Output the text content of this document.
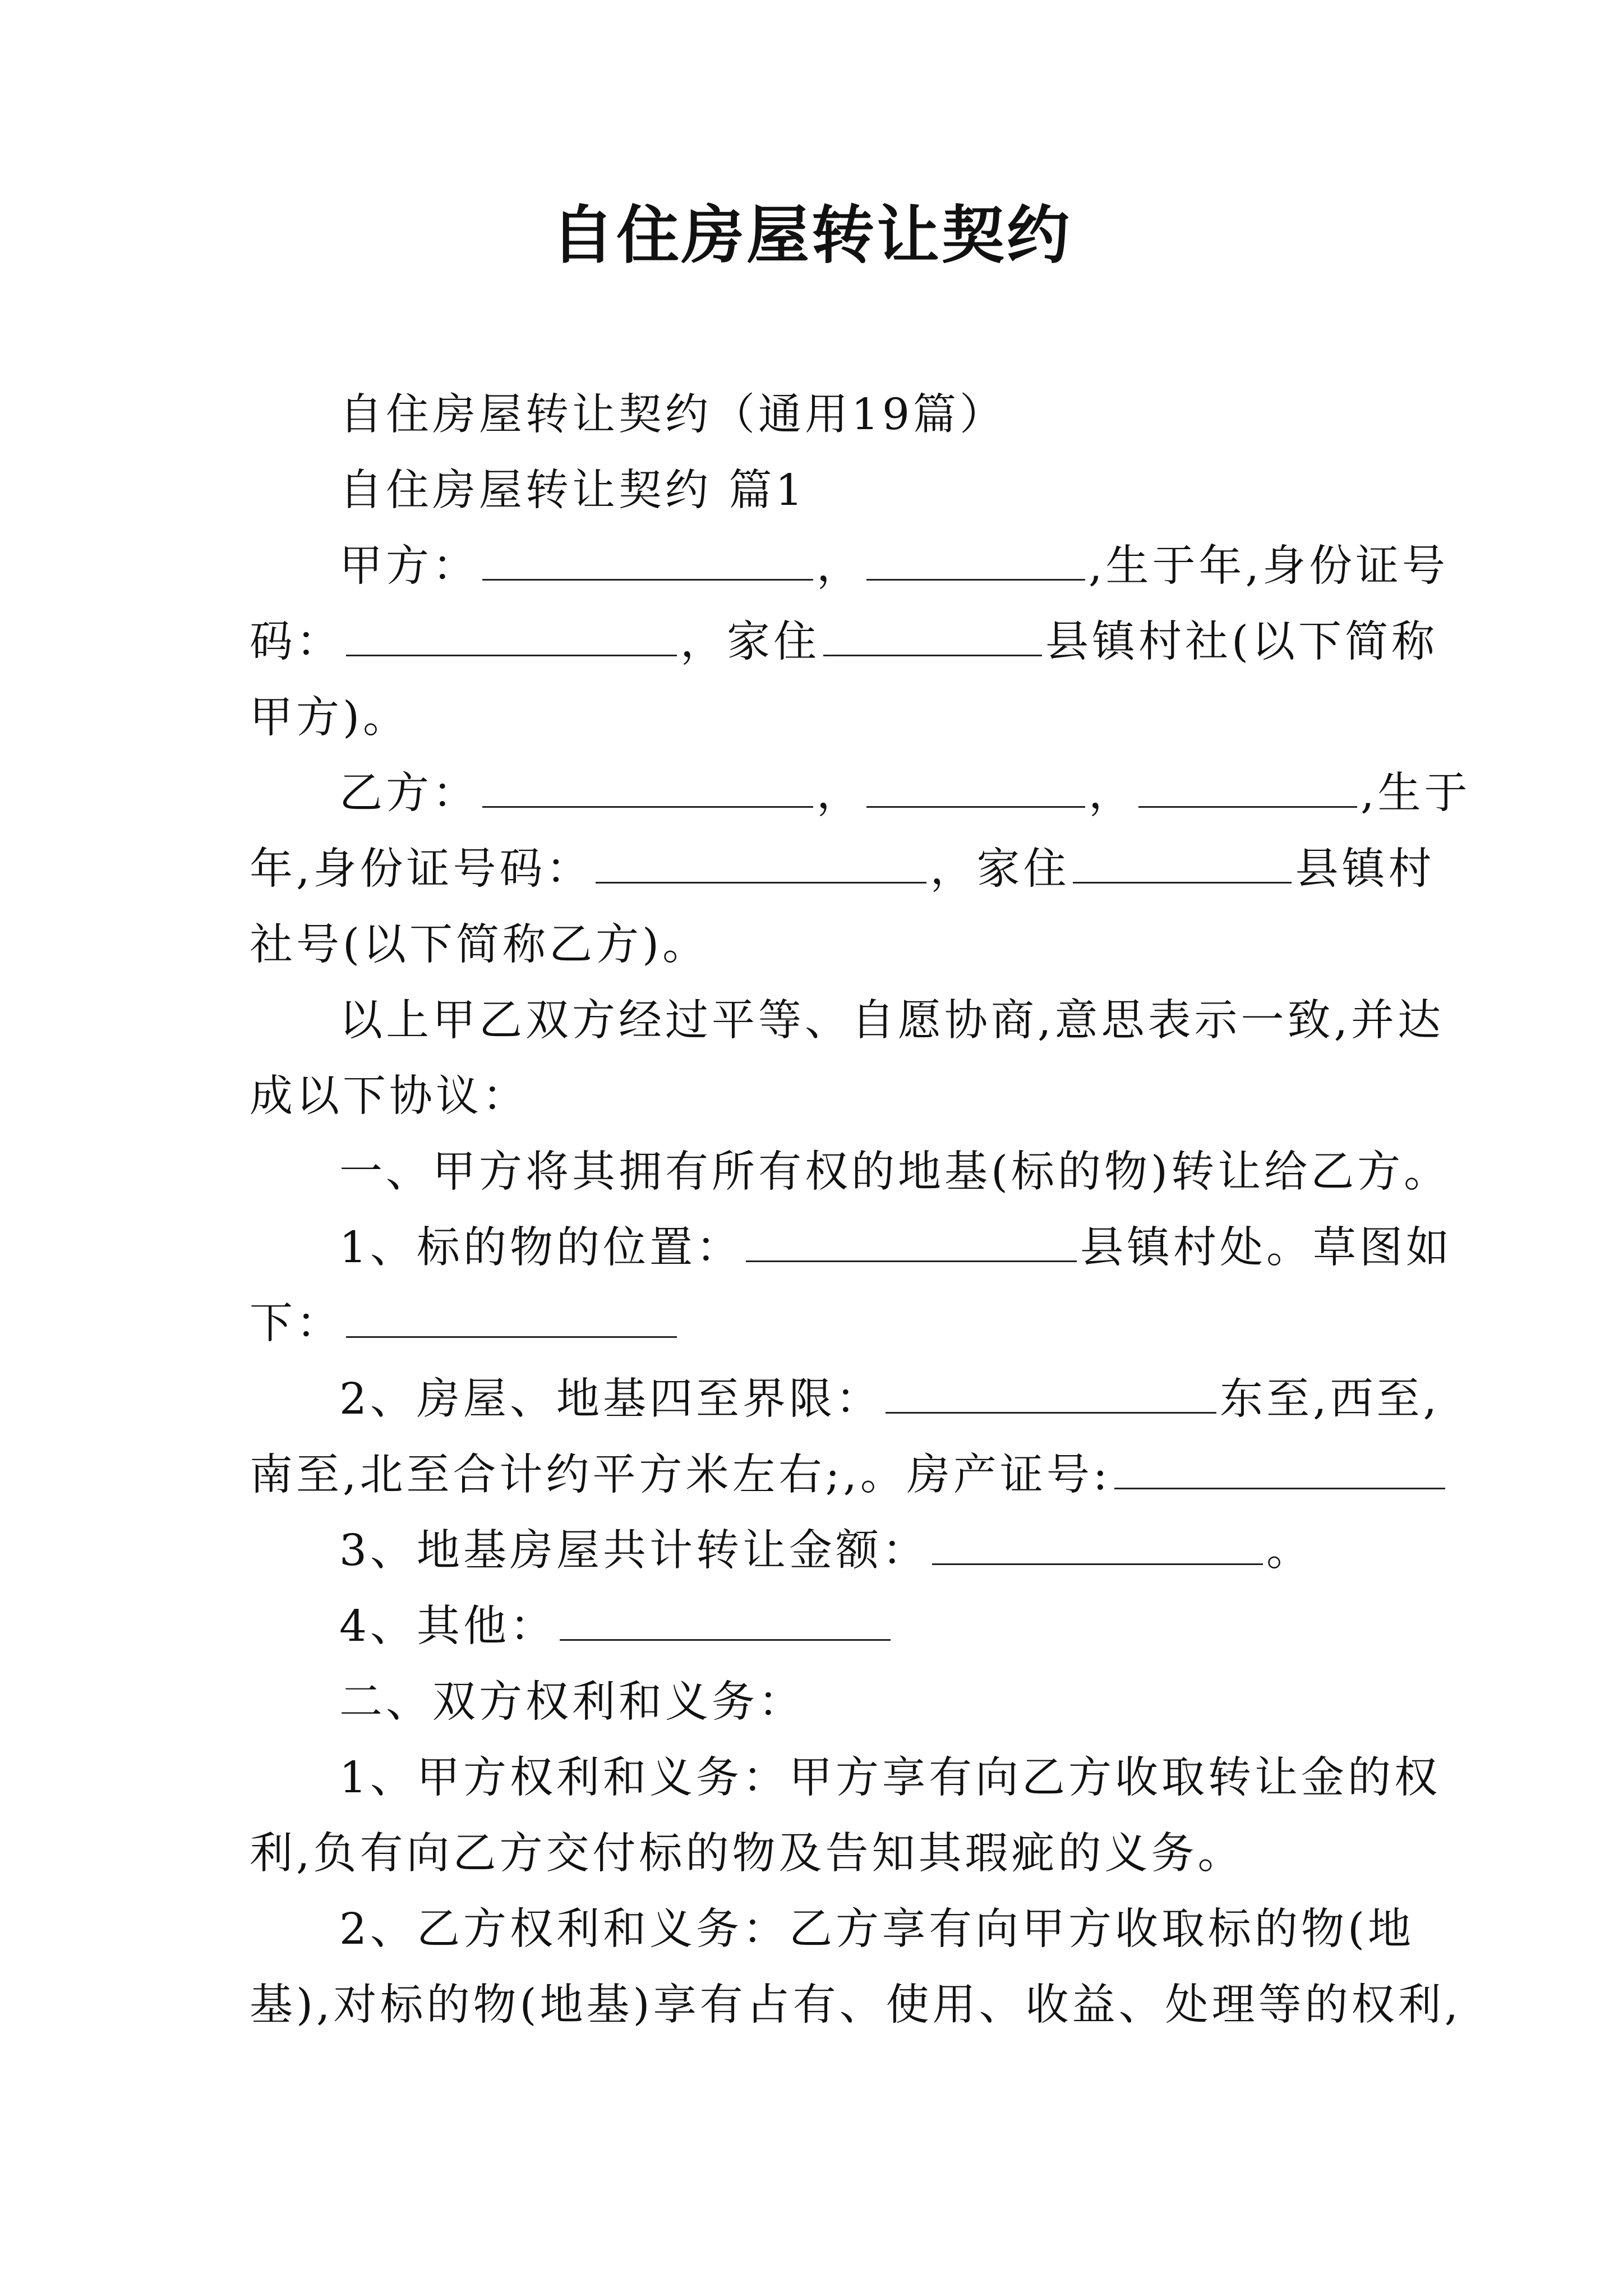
自住房屋转让契约
自住房屋转让契约（通用19篇）
自住房屋转让契约 篇1
甲方：	，	,生于年,身份证号
码：	，家住	县镇村社(以下简称
甲方)。
乙方：	，	，	,生于
年,身份证号码：	，家住	县镇村
社号(以下简称乙方)。
以上甲乙双方经过平等、自愿协商,意思表示一致,并达
成以下协议：
一、甲方将其拥有所有权的地基(标的物)转让给乙方。
1、标的物的位置：	县镇村处。草图如
下：
2、房屋、地基四至界限：	东至,西至,
南至,北至合计约平方米左右;,。房产证号:
3、地基房屋共计转让金额：	。
4、其他：
二、双方权利和义务：
1、甲方权利和义务：甲方享有向乙方收取转让金的权
利,负有向乙方交付标的物及告知其瑕疵的义务。
2、乙方权利和义务：乙方享有向甲方收取标的物(地
基),对标的物(地基)享有占有、使用、收益、处理等的权利,
